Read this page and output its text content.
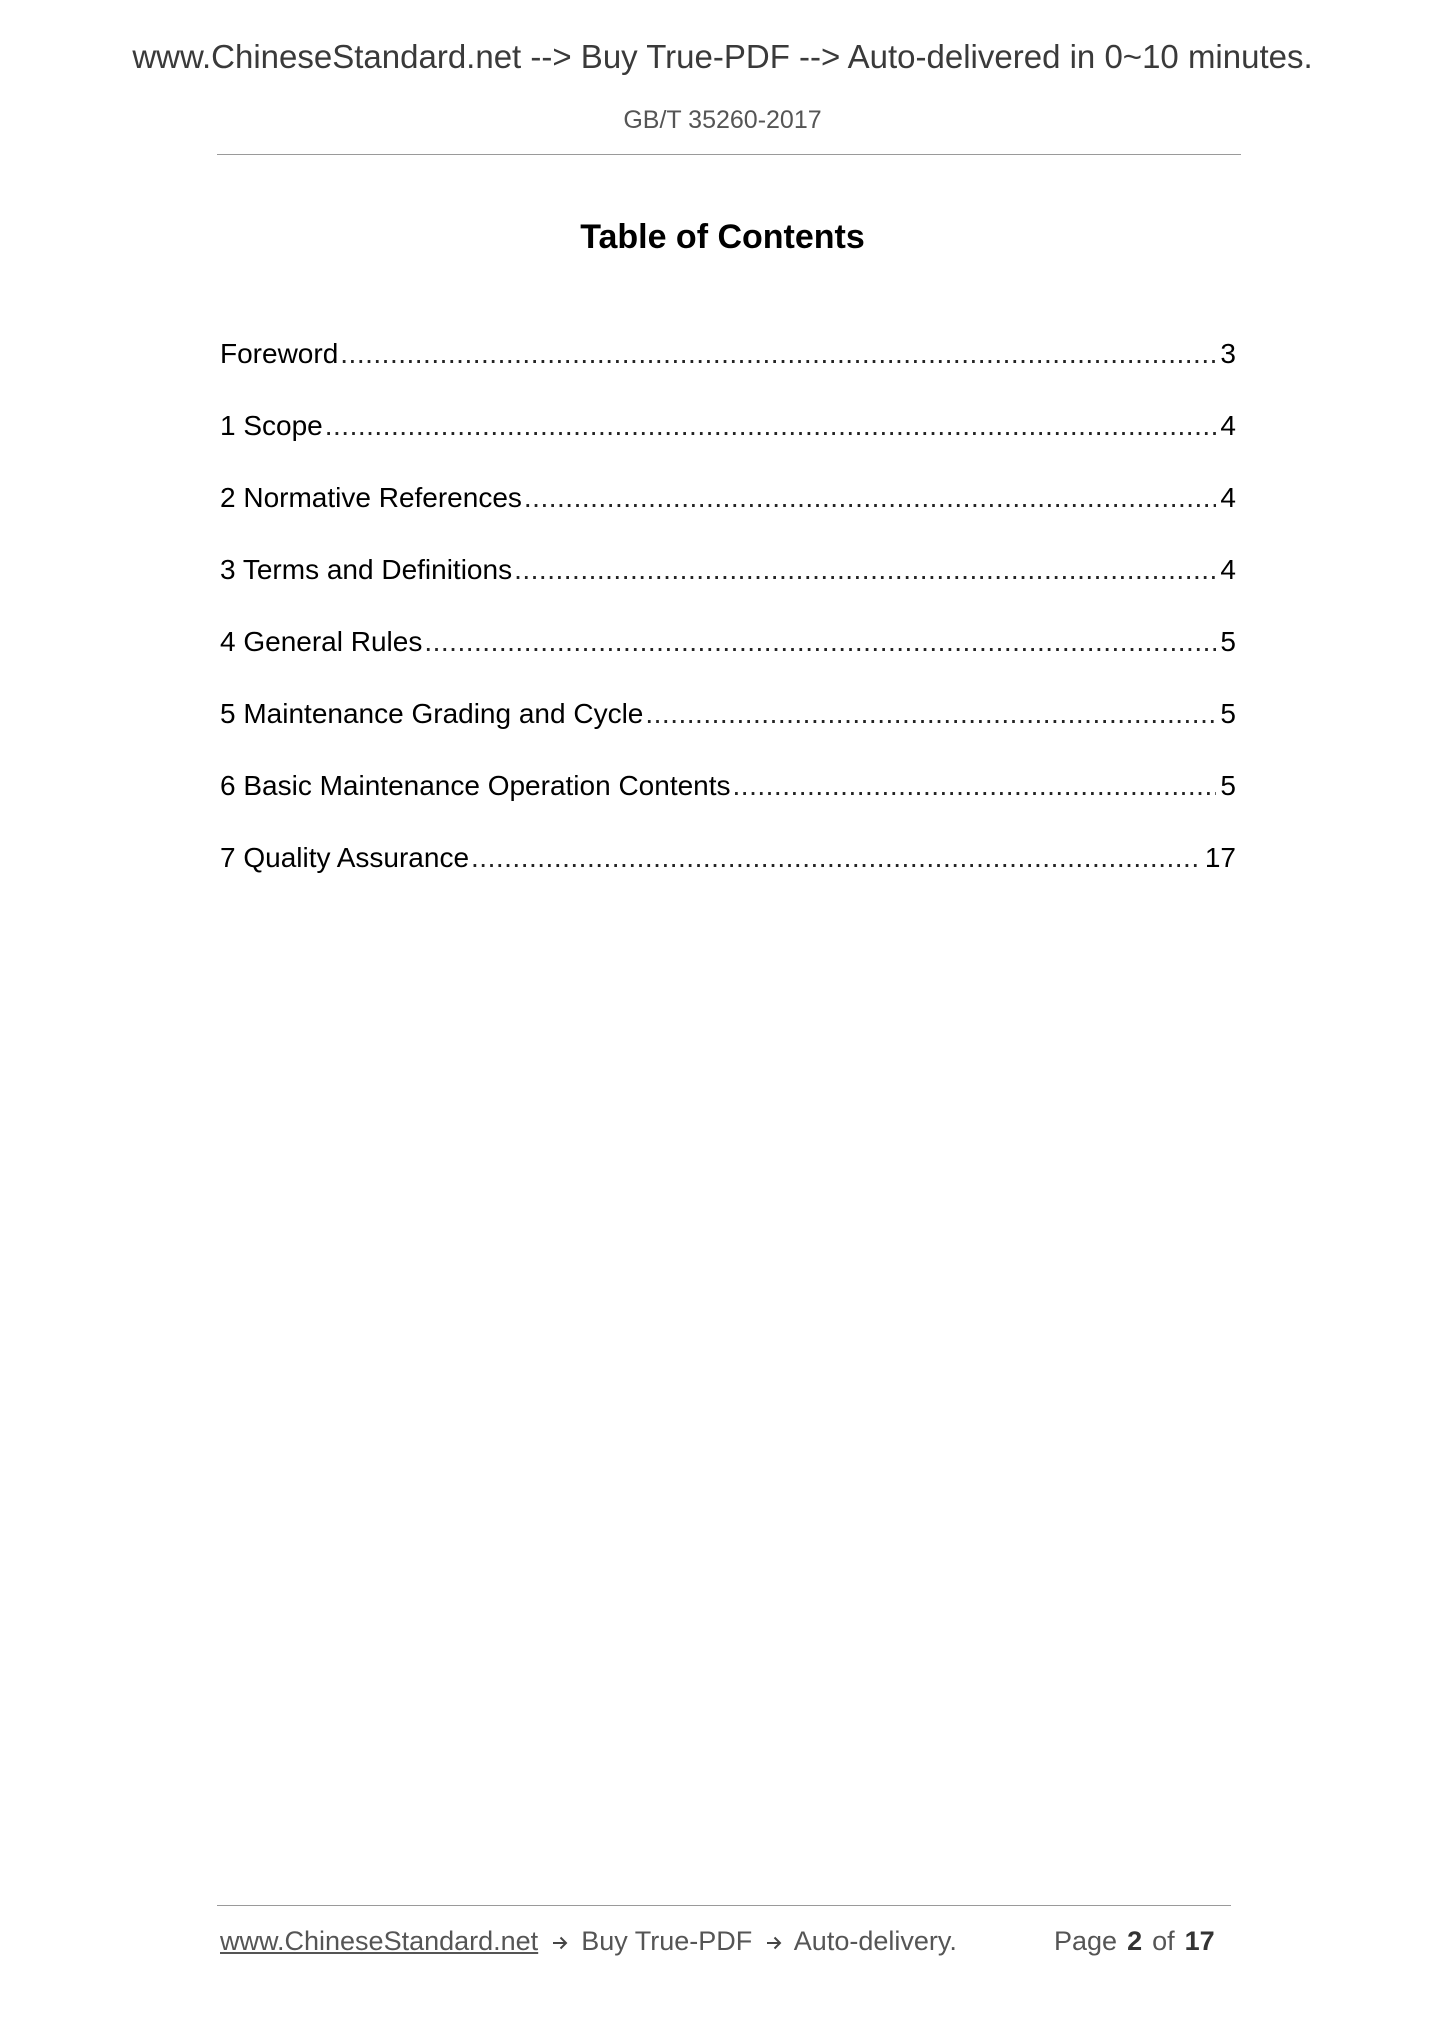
www.ChineseStandard.net --> Buy True-PDF --> Auto-delivered in 0~10 minutes.
GB/T 35260-2017
Table of Contents
Foreword .....	3
1 Scope .....	4
2 Normative References .....	4
3 Terms and Definitions .....	4
4 General Rules .....	5
5 Maintenance Grading and Cycle .....	5
6 Basic Maintenance Operation Contents .....	5
7 Quality Assurance .....	17
www.ChineseStandard.net Buy True-PDF Auto-delivery.	Page 2 of 17
